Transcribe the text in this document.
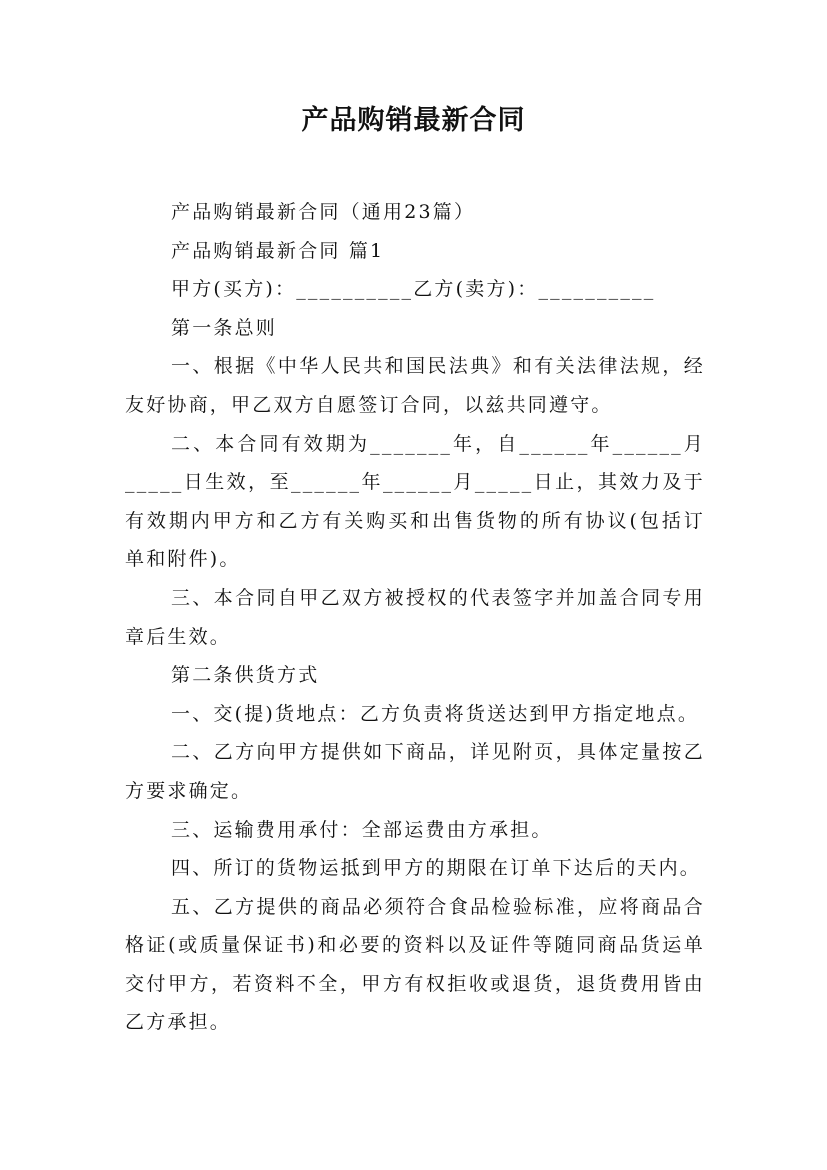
产品购销最新合同

产品购销最新合同（通用23篇）

产品购销最新合同 篇1

甲方(买方)：__________乙方(卖方)：__________

第一条总则

一、根据《中华人民共和国民法典》和有关法律法规，经友好协商，甲乙双方自愿签订合同，以兹共同遵守。

二、本合同有效期为_______年，自______年______月_____日生效，至______年______月_____日止，其效力及于有效期内甲方和乙方有关购买和出售货物的所有协议(包括订单和附件)。

三、本合同自甲乙双方被授权的代表签字并加盖合同专用章后生效。

第二条供货方式

一、交(提)货地点：乙方负责将货送达到甲方指定地点。

二、乙方向甲方提供如下商品，详见附页，具体定量按乙方要求确定。

三、运输费用承付：全部运费由方承担。

四、所订的货物运抵到甲方的期限在订单下达后的天内。

五、乙方提供的商品必须符合食品检验标准，应将商品合格证(或质量保证书)和必要的资料以及证件等随同商品货运单交付甲方，若资料不全，甲方有权拒收或退货，退货费用皆由乙方承担。
